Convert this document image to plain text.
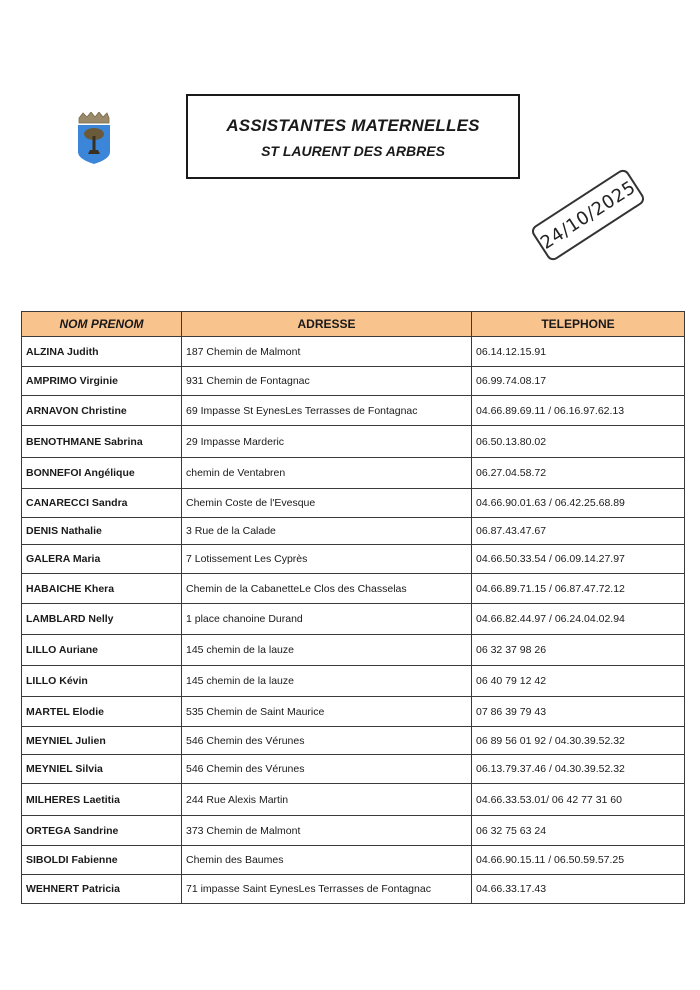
ASSISTANTES MATERNELLES
ST LAURENT DES ARBRES
24/10/2025
NOM PRENOM	ADRESSE	TELEPHONE
ALZINA Judith	187 Chemin de Malmont	06.14.12.15.91
AMPRIMO Virginie	931 Chemin de Fontagnac	06.99.74.08.17
ARNAVON Christine	69 Impasse St EynesLes Terrasses de Fontagnac	04.66.89.69.11 / 06.16.97.62.13
BENOTHMANE Sabrina	29 Impasse Marderic	06.50.13.80.02
BONNEFOI Angélique	chemin de Ventabren	06.27.04.58.72
CANARECCI Sandra	Chemin Coste de l'Evesque	04.66.90.01.63 / 06.42.25.68.89
DENIS Nathalie	3 Rue de la Calade	06.87.43.47.67
GALERA Maria	7 Lotissement Les Cyprès	04.66.50.33.54 / 06.09.14.27.97
HABAICHE Khera	Chemin de la CabanetteLe Clos des Chasselas	04.66.89.71.15 / 06.87.47.72.12
LAMBLARD Nelly	1 place chanoine Durand	04.66.82.44.97 / 06.24.04.02.94
LILLO Auriane	145 chemin de la lauze	06 32 37 98 26
LILLO Kévin	145 chemin de la lauze	06 40 79 12 42
MARTEL Elodie	535 Chemin de Saint Maurice	07 86 39 79 43
MEYNIEL Julien	546 Chemin des Vérunes	06 89 56 01 92 / 04.30.39.52.32
MEYNIEL Silvia	546 Chemin des Vérunes	06.13.79.37.46 / 04.30.39.52.32
MILHERES Laetitia	244 Rue Alexis Martin	04.66.33.53.01/ 06 42 77 31 60
ORTEGA Sandrine	373 Chemin de Malmont	06 32 75 63 24
SIBOLDI Fabienne	Chemin des Baumes	04.66.90.15.11 / 06.50.59.57.25
WEHNERT Patricia	71 impasse Saint EynesLes Terrasses de Fontagnac	04.66.33.17.43
